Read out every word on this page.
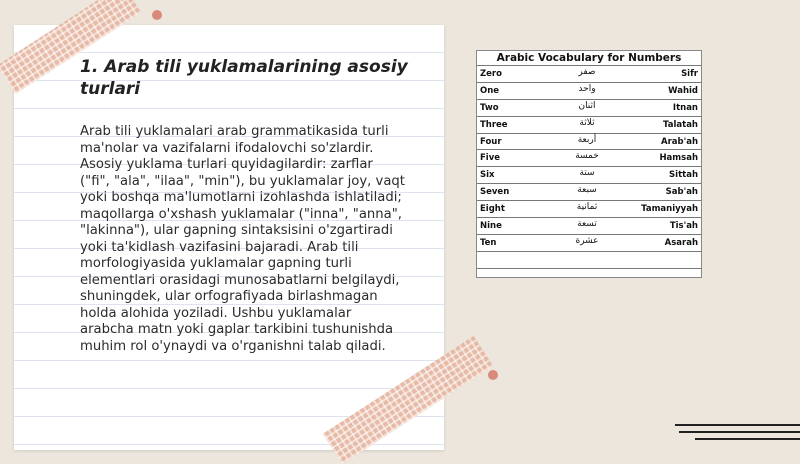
1. Arab tili yuklamalarining asosiy turlari

Arab tili yuklamalari arab grammatikasida turli ma'nolar va vazifalarni ifodalovchi so'zlardir. Asosiy yuklama turlari quyidagilardir: zarflar ("fi", "ala", "ilaa", "min"), bu yuklamalar joy, vaqt yoki boshqa ma'lumotlarni izohlashda ishlatiladi; maqollarga o'xshash yuklamalar ("inna", "anna", "lakinna"), ular gapning sintaksisini o'zgartiradi yoki ta'kidlash vazifasini bajaradi. Arab tili morfologiyasida yuklamalar gapning turli elementlari orasidagi munosabatlarni belgilaydi, shuningdek, ular orfografiyada birlashmagan holda alohida yoziladi. Ushbu yuklamalar arabcha matn yoki gaplar tarkibini tushunishda muhim rol o'ynaydi va o'rganishni talab qiladi.

Arabic Vocabulary for Numbers
Zero	صفر	Sifr
One	واحد	Wahid
Two	اثنان	Itnan
Three	ثلاثة	Talatah
Four	أربعة	Arab'ah
Five	خمسة	Hamsah
Six	ستة	Sittah
Seven	سبعة	Sab'ah
Eight	ثمانية	Tamaniyyah
Nine	تسعة	Tis'ah
Ten	عشرة	Asarah
